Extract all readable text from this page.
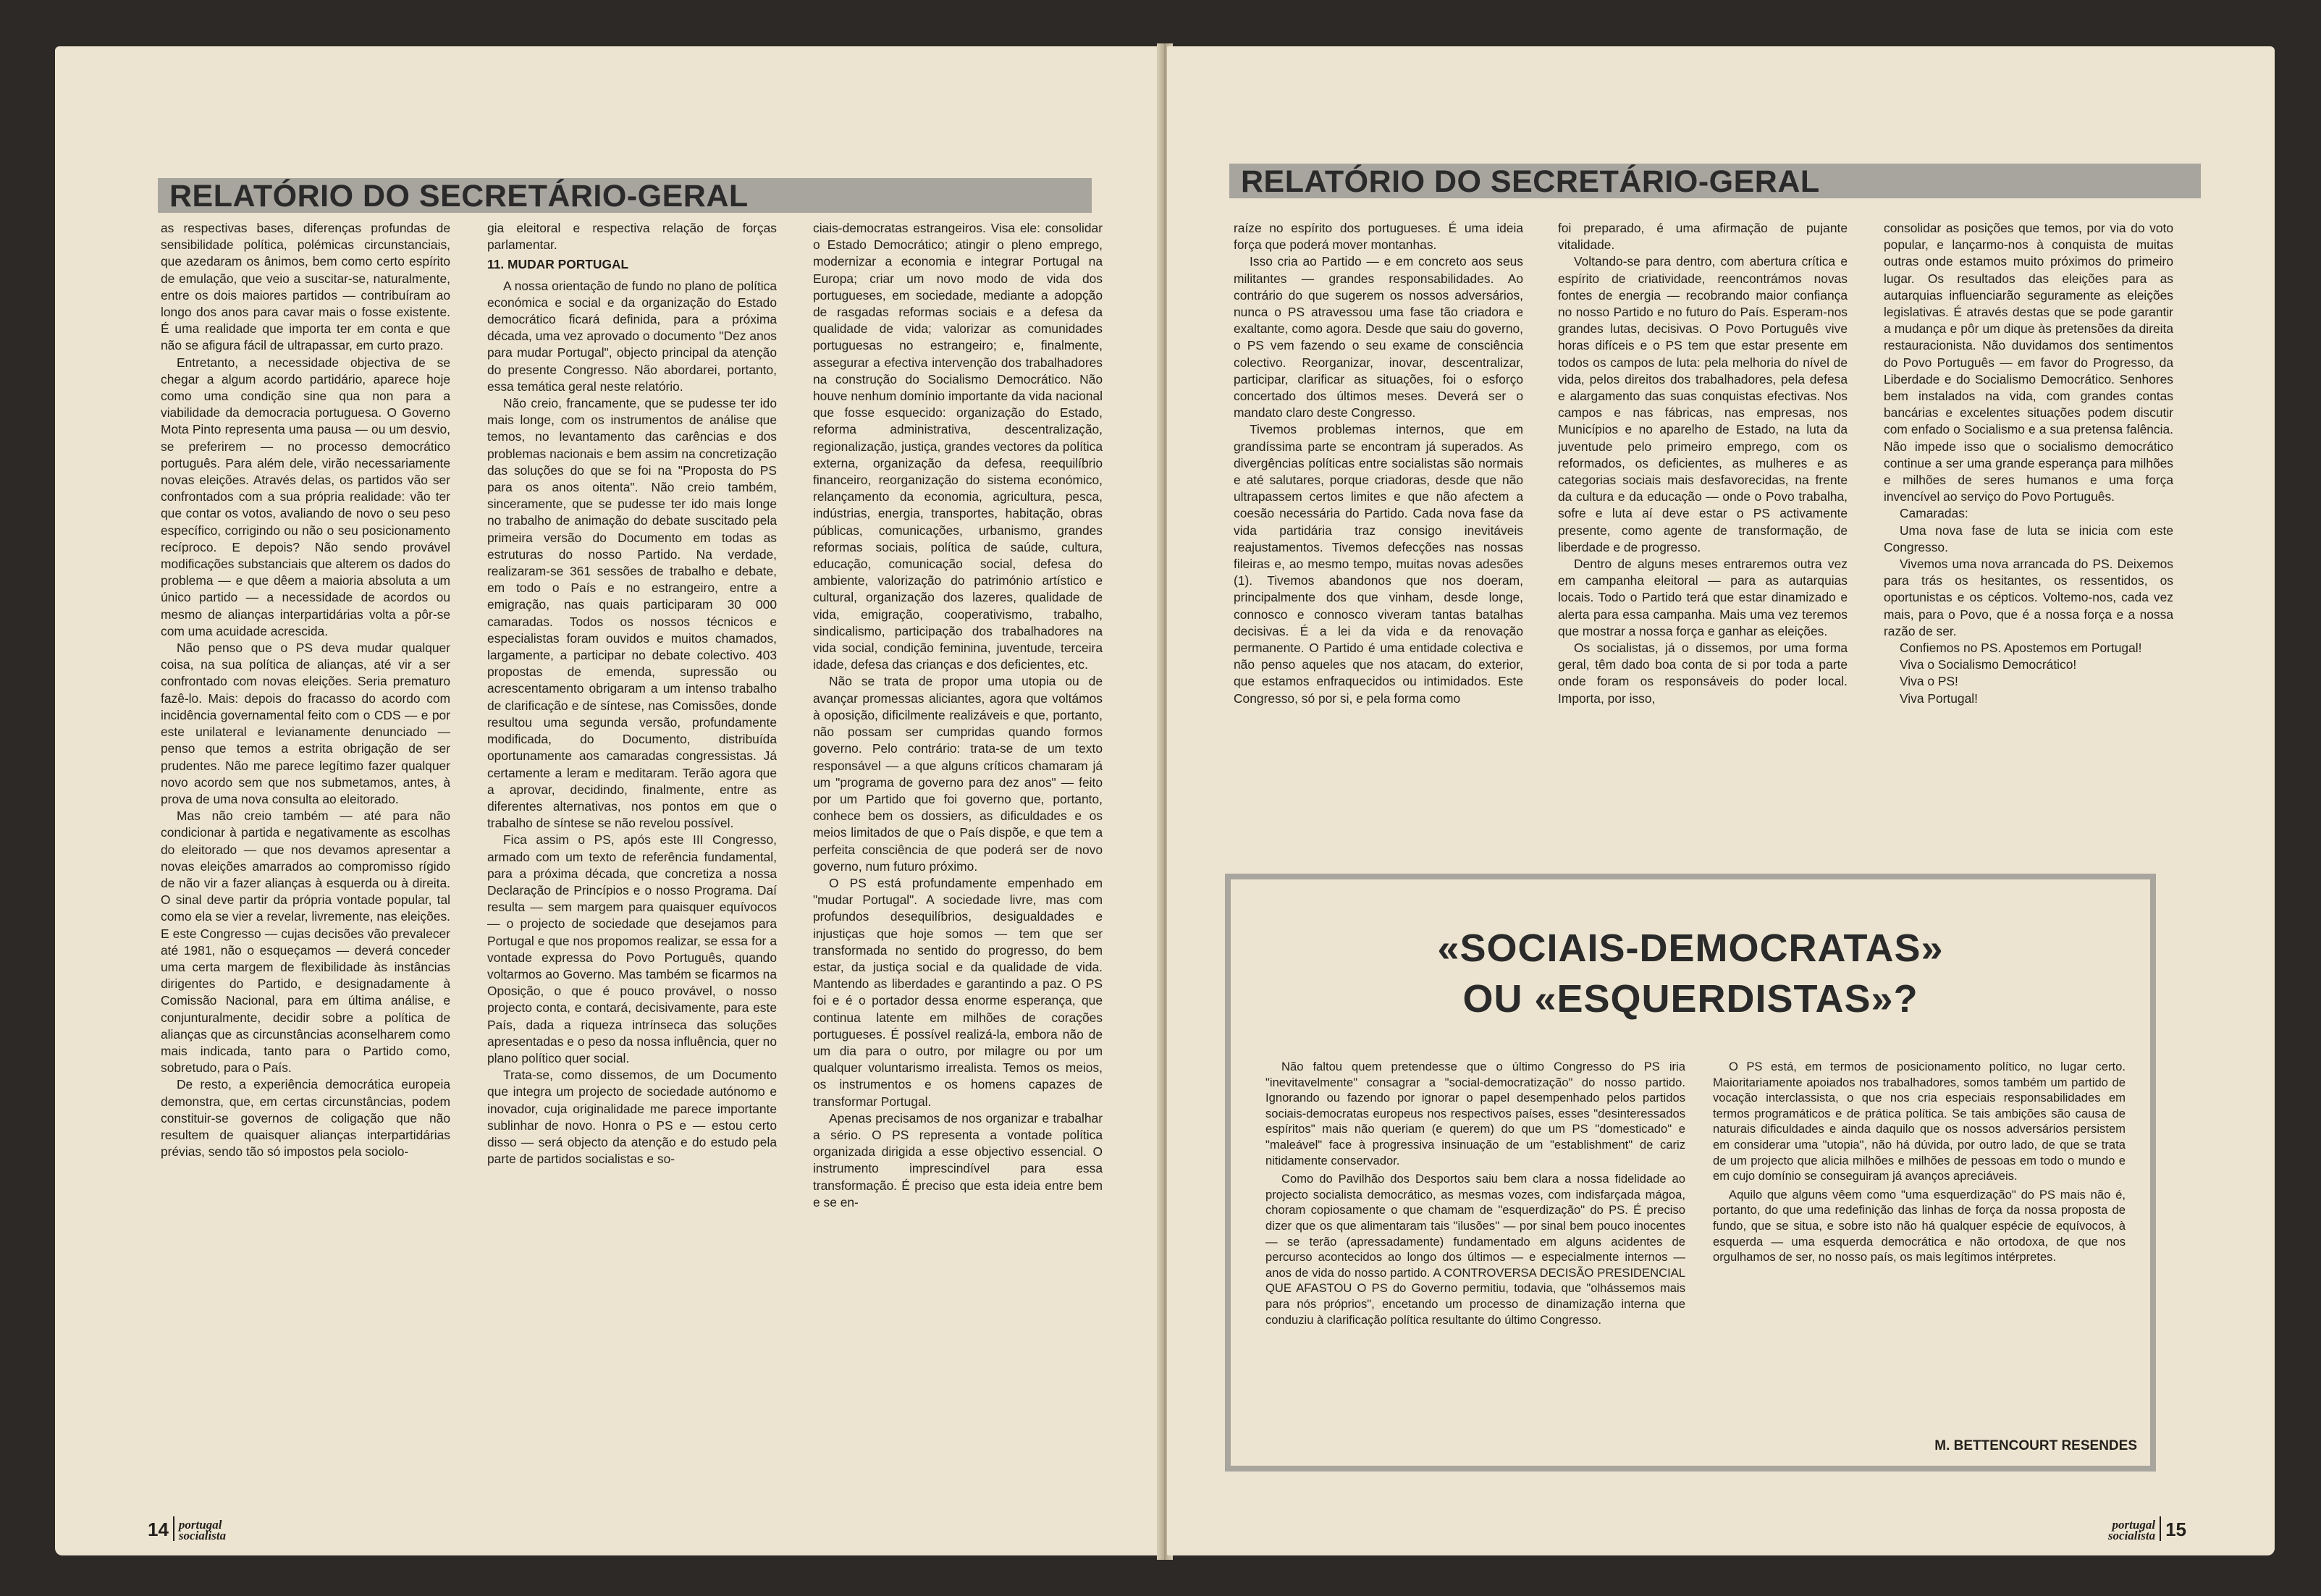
RELATÓRIO DO SECRETÁRIO-GERAL

as respectivas bases, diferenças profundas de sensibilidade política, polémicas circunstanciais, que azedaram os ânimos, bem como certo espírito de emulação, que veio a suscitar-se, naturalmente, entre os dois maiores partidos — contribuíram ao longo dos anos para cavar mais o fosse existente. É uma realidade que importa ter em conta e que não se afigura fácil de ultrapassar, em curto prazo.

Entretanto, a necessidade objectiva de se chegar a algum acordo partidário, aparece hoje como uma condição sine qua non para a viabilidade da democracia portuguesa. O Governo Mota Pinto representa uma pausa — ou um desvio, se preferirem — no processo democrático português. Para além dele, virão necessariamente novas eleições. Através delas, os partidos vão ser confrontados com a sua própria realidade: vão ter que contar os votos, avaliando de novo o seu peso específico, corrigindo ou não o seu posicionamento recíproco. E depois? Não sendo provável modificações substanciais que alterem os dados do problema — e que dêem a maioria absoluta a um único partido — a necessidade de acordos ou mesmo de alianças interpartidárias volta a pôr-se com uma acuidade acrescida.

Não penso que o PS deva mudar qualquer coisa, na sua política de alianças, até vir a ser confrontado com novas eleições. Seria prematuro fazê-lo. Mais: depois do fracasso do acordo com incidência governamental feito com o CDS — e por este unilateral e levianamente denunciado — penso que temos a estrita obrigação de ser prudentes. Não me parece legítimo fazer qualquer novo acordo sem que nos submetamos, antes, à prova de uma nova consulta ao eleitorado.

Mas não creio também — até para não condicionar à partida e negativamente as escolhas do eleitorado — que nos devamos apresentar a novas eleições amarrados ao compromisso rígido de não vir a fazer alianças à esquerda ou à direita. O sinal deve partir da própria vontade popular, tal como ela se vier a revelar, livremente, nas eleições. E este Congresso — cujas decisões vão prevalecer até 1981, não o esqueçamos — deverá conceder uma certa margem de flexibilidade às instâncias dirigentes do Partido, e designadamente à Comissão Nacional, para em última análise, e conjunturalmente, decidir sobre a política de alianças que as circunstâncias aconselharem como mais indicada, tanto para o Partido como, sobretudo, para o País.

De resto, a experiência democrática europeia demonstra, que, em certas circunstâncias, podem constituir-se governos de coligação que não resultem de quaisquer alianças interpartidárias prévias, sendo tão só impostos pela sociolo-

gia eleitoral e respectiva relação de forças parlamentar.

11. MUDAR PORTUGAL

A nossa orientação de fundo no plano de política económica e social e da organização do Estado democrático ficará definida, para a próxima década, uma vez aprovado o documento "Dez anos para mudar Portugal", objecto principal da atenção do presente Congresso. Não abordarei, portanto, essa temática geral neste relatório.

Não creio, francamente, que se pudesse ter ido mais longe, com os instrumentos de análise que temos, no levantamento das carências e dos problemas nacionais e bem assim na concretização das soluções do que se foi na "Proposta do PS para os anos oitenta". Não creio também, sinceramente, que se pudesse ter ido mais longe no trabalho de animação do debate suscitado pela primeira versão do Documento em todas as estruturas do nosso Partido. Na verdade, realizaram-se 361 sessões de trabalho e debate, em todo o País e no estrangeiro, entre a emigração, nas quais participaram 30 000 camaradas. Todos os nossos técnicos e especialistas foram ouvidos e muitos chamados, largamente, a participar no debate colectivo. 403 propostas de emenda, supressão ou acrescentamento obrigaram a um intenso trabalho de clarificação e de síntese, nas Comissões, donde resultou uma segunda versão, profundamente modificada, do Documento, distribuída oportunamente aos camaradas congressistas. Já certamente a leram e meditaram. Terão agora que a aprovar, decidindo, finalmente, entre as diferentes alternativas, nos pontos em que o trabalho de síntese se não revelou possível.

Fica assim o PS, após este III Congresso, armado com um texto de referência fundamental, para a próxima década, que concretiza a nossa Declaração de Princípios e o nosso Programa. Daí resulta — sem margem para quaisquer equívocos — o projecto de sociedade que desejamos para Portugal e que nos propomos realizar, se essa for a vontade expressa do Povo Português, quando voltarmos ao Governo. Mas também se ficarmos na Oposição, o que é pouco provável, o nosso projecto conta, e contará, decisivamente, para este País, dada a riqueza intrínseca das soluções apresentadas e o peso da nossa influência, quer no plano político quer social.

Trata-se, como dissemos, de um Documento que integra um projecto de sociedade autónomo e inovador, cuja originalidade me parece importante sublinhar de novo. Honra o PS e — estou certo disso — será objecto da atenção e do estudo pela parte de partidos socialistas e so-

ciais-democratas estrangeiros. Visa ele: consolidar o Estado Democrático; atingir o pleno emprego, modernizar a economia e integrar Portugal na Europa; criar um novo modo de vida dos portugueses, em sociedade, mediante a adopção de rasgadas reformas sociais e a defesa da qualidade de vida; valorizar as comunidades portuguesas no estrangeiro; e, finalmente, assegurar a efectiva intervenção dos trabalhadores na construção do Socialismo Democrático. Não houve nenhum domínio importante da vida nacional que fosse esquecido: organização do Estado, reforma administrativa, descentralização, regionalização, justiça, grandes vectores da política externa, organização da defesa, reequilíbrio financeiro, reorganização do sistema económico, relançamento da economia, agricultura, pesca, indústrias, energia, transportes, habitação, obras públicas, comunicações, urbanismo, grandes reformas sociais, política de saúde, cultura, educação, comunicação social, defesa do ambiente, valorização do património artístico e cultural, organização dos lazeres, qualidade de vida, emigração, cooperativismo, trabalho, sindicalismo, participação dos trabalhadores na vida social, condição feminina, juventude, terceira idade, defesa das crianças e dos deficientes, etc.

Não se trata de propor uma utopia ou de avançar promessas aliciantes, agora que voltámos à oposição, dificilmente realizáveis e que, portanto, não possam ser cumpridas quando formos governo. Pelo contrário: trata-se de um texto responsável — a que alguns críticos chamaram já um "programa de governo para dez anos" — feito por um Partido que foi governo que, portanto, conhece bem os dossiers, as dificuldades e os meios limitados de que o País dispõe, e que tem a perfeita consciência de que poderá ser de novo governo, num futuro próximo.

O PS está profundamente empenhado em "mudar Portugal". A sociedade livre, mas com profundos desequilíbrios, desigualdades e injustiças que hoje somos — tem que ser transformada no sentido do progresso, do bem estar, da justiça social e da qualidade de vida. Mantendo as liberdades e garantindo a paz. O PS foi e é o portador dessa enorme esperança, que continua latente em milhões de corações portugueses. É possível realizá-la, embora não de um dia para o outro, por milagre ou por um qualquer voluntarismo irrealista. Temos os meios, os instrumentos e os homens capazes de transformar Portugal.

Apenas precisamos de nos organizar e trabalhar a sério. O PS representa a vontade política organizada dirigida a esse objectivo essencial. O instrumento imprescindível para essa transformação. É preciso que esta ideia entre bem e se en-

14 portugal
socialista
RELATÓRIO DO SECRETÁRIO-GERAL

raíze no espírito dos portugueses. É uma ideia força que poderá mover montanhas.

Isso cria ao Partido — e em concreto aos seus militantes — grandes responsabilidades. Ao contrário do que sugerem os nossos adversários, nunca o PS atravessou uma fase tão criadora e exaltante, como agora. Desde que saiu do governo, o PS vem fazendo o seu exame de consciência colectivo. Reorganizar, inovar, descentralizar, participar, clarificar as situações, foi o esforço concertado dos últimos meses. Deverá ser o mandato claro deste Congresso.

Tivemos problemas internos, que em grandíssima parte se encontram já superados. As divergências políticas entre socialistas são normais e até salutares, porque criadoras, desde que não ultrapassem certos limites e que não afectem a coesão necessária do Partido. Cada nova fase da vida partidária traz consigo inevitáveis reajustamentos. Tivemos defecções nas nossas fileiras e, ao mesmo tempo, muitas novas adesões (1). Tivemos abandonos que nos doeram, principalmente dos que vinham, desde longe, connosco e connosco viveram tantas batalhas decisivas. É a lei da vida e da renovação permanente. O Partido é uma entidade colectiva e não penso aqueles que nos atacam, do exterior, que estamos enfraquecidos ou intimidados. Este Congresso, só por si, e pela forma como

foi preparado, é uma afirmação de pujante vitalidade.

Voltando-se para dentro, com abertura crítica e espírito de criatividade, reencontrámos novas fontes de energia — recobrando maior confiança no nosso Partido e no futuro do País. Esperam-nos grandes lutas, decisivas. O Povo Português vive horas difíceis e o PS tem que estar presente em todos os campos de luta: pela melhoria do nível de vida, pelos direitos dos trabalhadores, pela defesa e alargamento das suas conquistas efectivas. Nos campos e nas fábricas, nas empresas, nos Municípios e no aparelho de Estado, na luta da juventude pelo primeiro emprego, com os reformados, os deficientes, as mulheres e as categorias sociais mais desfavorecidas, na frente da cultura e da educação — onde o Povo trabalha, sofre e luta aí deve estar o PS activamente presente, como agente de transformação, de liberdade e de progresso.

Dentro de alguns meses entraremos outra vez em campanha eleitoral — para as autarquias locais. Todo o Partido terá que estar dinamizado e alerta para essa campanha. Mais uma vez teremos que mostrar a nossa força e ganhar as eleições.

Os socialistas, já o dissemos, por uma forma geral, têm dado boa conta de si por toda a parte onde foram os responsáveis do poder local. Importa, por isso,

consolidar as posições que temos, por via do voto popular, e lançarmo-nos à conquista de muitas outras onde estamos muito próximos do primeiro lugar. Os resultados das eleições para as autarquias influenciarão seguramente as eleições legislativas. É através destas que se pode garantir a mudança e pôr um dique às pretensões da direita restauracionista. Não duvidamos dos sentimentos do Povo Português — em favor do Progresso, da Liberdade e do Socialismo Democrático. Senhores bem instalados na vida, com grandes contas bancárias e excelentes situações podem discutir com enfado o Socialismo e a sua pretensa falência. Não impede isso que o socialismo democrático continue a ser uma grande esperança para milhões e milhões de seres humanos e uma força invencível ao serviço do Povo Português.

Camaradas:

Uma nova fase de luta se inicia com este Congresso.

Vivemos uma nova arrancada do PS. Deixemos para trás os hesitantes, os ressentidos, os oportunistas e os cépticos. Voltemo-nos, cada vez mais, para o Povo, que é a nossa força e a nossa razão de ser.

Confiemos no PS. Apostemos em Portugal!

Viva o Socialismo Democrático!

Viva o PS!

Viva Portugal!

portugal
socialista 15
«SOCIAIS-DEMOCRATAS»
OU «ESQUERDISTAS»?

Não faltou quem pretendesse que o último Congresso do PS iria "inevitavelmente" consagrar a "social-democratização" do nosso partido. Ignorando ou fazendo por ignorar o papel desempenhado pelos partidos sociais-democratas europeus nos respectivos países, esses "desinteressados espíritos" mais não queriam (e querem) do que um PS "domesticado" e "maleável" face à progressiva insinuação de um "establishment" de cariz nitidamente conservador.

Como do Pavilhão dos Desportos saiu bem clara a nossa fidelidade ao projecto socialista democrático, as mesmas vozes, com indisfarçada mágoa, choram copiosamente o que chamam de "esquerdização" do PS. É preciso dizer que os que alimentaram tais "ilusões" — por sinal bem pouco inocentes — se terão (apressadamente) fundamentado em alguns acidentes de percurso acontecidos ao longo dos últimos — e especialmente internos — anos de vida do nosso partido. A CONTROVERSA DECISÃO PRESIDENCIAL QUE AFASTOU O PS do Governo permitiu, todavia, que "olhássemos mais para nós próprios", encetando um processo de dinamização interna que conduziu à clarificação política resultante do último Congresso.

O PS está, em termos de posicionamento político, no lugar certo. Maioritariamente apoiados nos trabalhadores, somos também um partido de vocação interclassista, o que nos cria especiais responsabilidades em termos programáticos e de prática política. Se tais ambições são causa de naturais dificuldades e ainda daquilo que os nossos adversários persistem em considerar uma "utopia", não há dúvida, por outro lado, de que se trata de um projecto que alicia milhões e milhões de pessoas em todo o mundo e em cujo domínio se conseguiram já avanços apreciáveis.

Aquilo que alguns vêem como "uma esquerdização" do PS mais não é, portanto, do que uma redefinição das linhas de força da nossa proposta de fundo, que se situa, e sobre isto não há qualquer espécie de equívocos, à esquerda — uma esquerda democrática e não ortodoxa, de que nos orgulhamos de ser, no nosso país, os mais legítimos intérpretes.

M. BETTENCOURT RESENDES
